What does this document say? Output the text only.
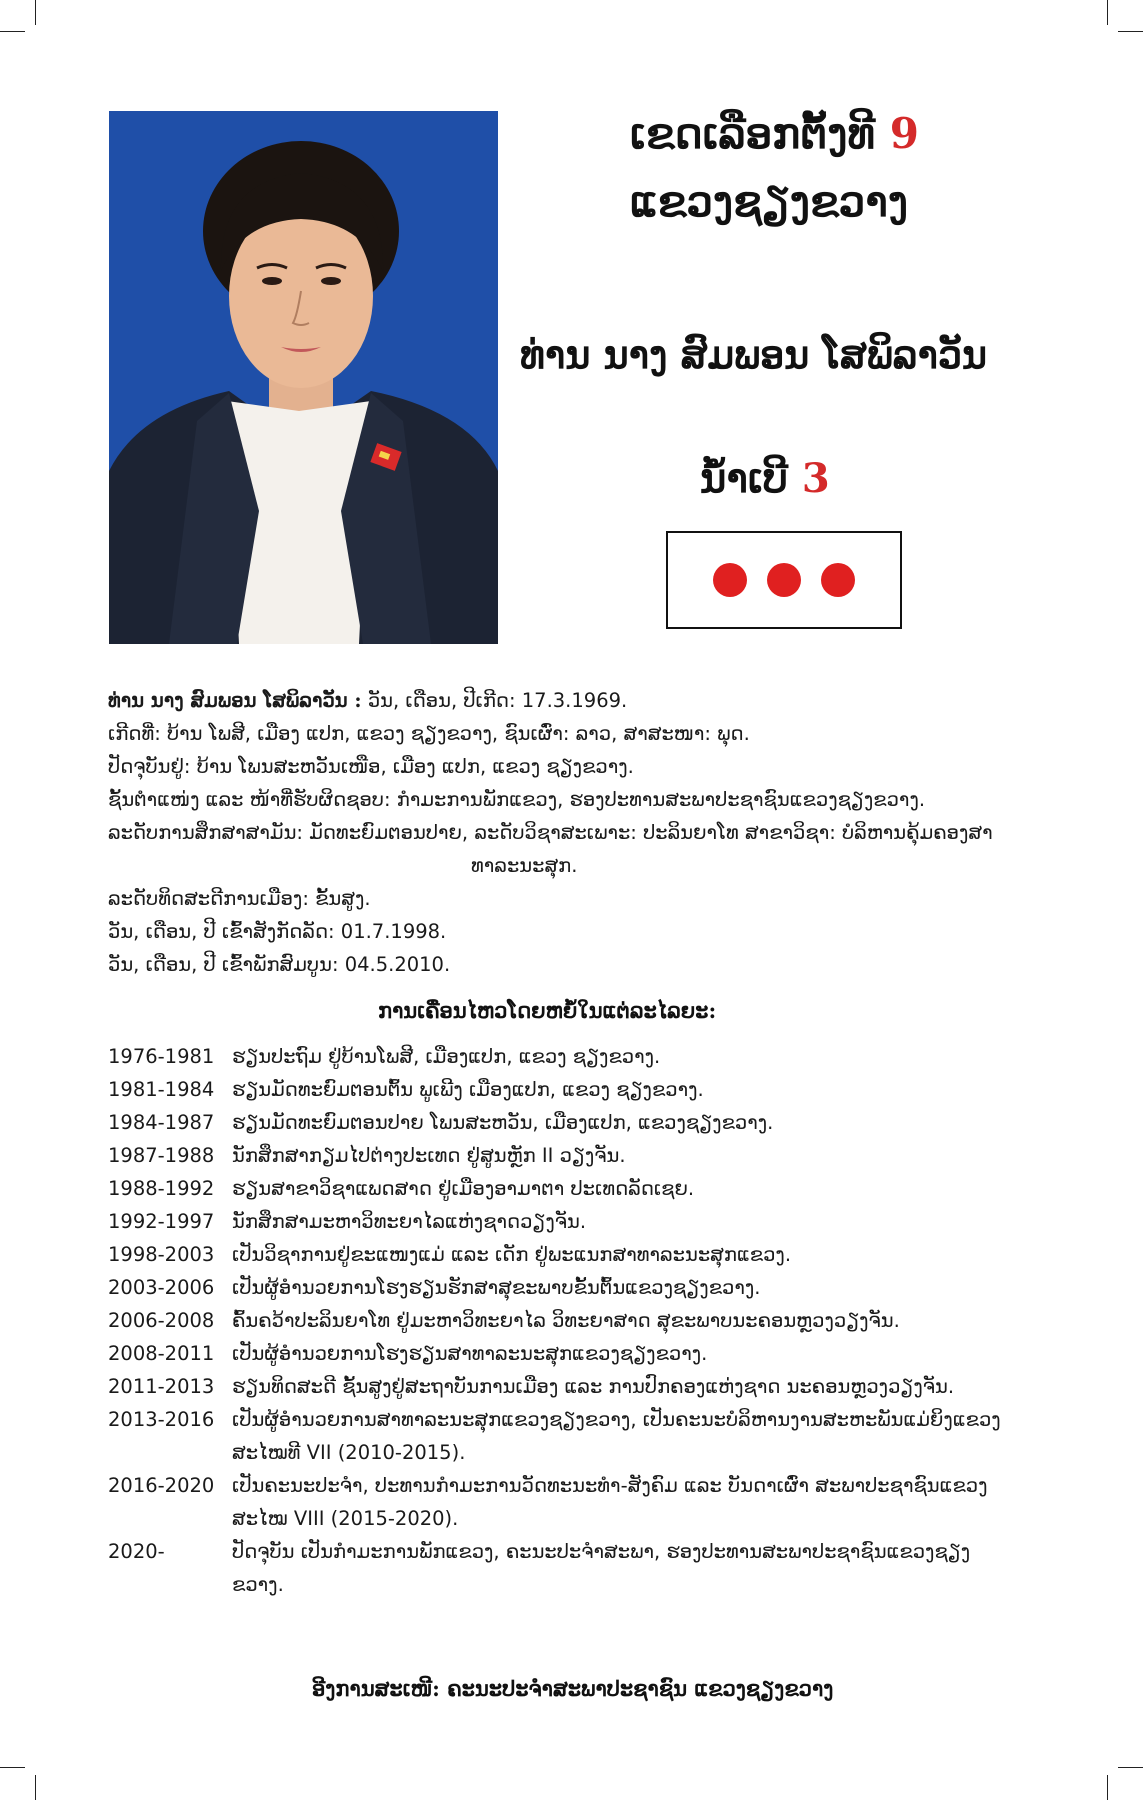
ເຂດເລືອກຕັ້ງທີ 9
ແຂວງຊຽງຂວາງ
ທ່ານ ນາງ ສົມພອນ ໂສພິລາວັນ
ນໍ້າເບີ 3
ທ່ານ ນາງ ສົມພອນ ໂສພິລາວັນ : ວັນ, ເດືອນ, ປີເກີດ: 17.3.1969.
ເກີດທີ່: ບ້ານ ໂພສີ, ເມືອງ ແປກ, ແຂວງ ຊຽງຂວາງ, ຊົນເຜົ່າ: ລາວ, ສາສະໜາ: ພຸດ.
ປັດຈຸບັນຢູ່: ບ້ານ ໂພນສະຫວັນເໜືອ, ເມືອງ ແປກ, ແຂວງ ຊຽງຂວາງ.
ຊັ້ນຕຳແໜ່ງ ແລະ ໜ້າທີ່ຮັບຜິດຊອບ: ກຳມະການພັກແຂວງ, ຮອງປະທານສະພາປະຊາຊົນແຂວງຊຽງຂວາງ.
ລະດັບການສຶກສາສາມັນ: ມັດທະຍົມຕອນປາຍ, ລະດັບວິຊາສະເພາະ: ປະລິນຍາໂທ ສາຂາວິຊາ: ບໍລິຫານຄຸ້ມຄອງສາ
ທາລະນະສຸກ.
ລະດັບທິດສະດີການເມືອງ: ຂັ້ນສູງ.
ວັນ, ເດືອນ, ປີ ເຂົ້າສັງກັດລັດ: 01.7.1998.
ວັນ, ເດືອນ, ປີ ເຂົ້າພັກສົມບູນ: 04.5.2010.
ການເຄື່ອນໄຫວໂດຍຫຍໍ້ໃນແຕ່ລະໄລຍະ:
1976-1981 ຮຽນປະຖົມ ຢູ່ບ້ານໂພສີ, ເມືອງແປກ, ແຂວງ ຊຽງຂວາງ.
1981-1984 ຮຽນມັດທະຍົມຕອນຕົ້ນ ພູເພີງ ເມືອງແປກ, ແຂວງ ຊຽງຂວາງ.
1984-1987 ຮຽນມັດທະຍົມຕອນປາຍ ໂພນສະຫວັນ, ເມືອງແປກ, ແຂວງຊຽງຂວາງ.
1987-1988 ນັກສຶກສາກຽມໄປຕ່າງປະເທດ ຢູ່ສູນຫຼັກ II ວຽງຈັນ.
1988-1992 ຮຽນສາຂາວິຊາແພດສາດ ຢູ່ເມືອງອາມາຕາ ປະເທດລັດເຊຍ.
1992-1997 ນັກສຶກສາມະຫາວິທະຍາໄລແຫ່ງຊາດວຽງຈັນ.
1998-2003 ເປັນວິຊາການຢູ່ຂະແໜງແມ່ ແລະ ເດັກ ຢູ່ພະແນກສາທາລະນະສຸກແຂວງ.
2003-2006 ເປັນຜູ້ອຳນວຍການໂຮງຮຽນຮັກສາສຸຂະພາບຂັ້ນຕົ້ນແຂວງຊຽງຂວາງ.
2006-2008 ຄົ້ນຄວ້າປະລິນຍາໂທ ຢູ່ມະຫາວິທະຍາໄລ ວິທະຍາສາດ ສຸຂະພາບນະຄອນຫຼວງວຽງຈັນ.
2008-2011 ເປັນຜູ້ອຳນວຍການໂຮງຮຽນສາທາລະນະສຸກແຂວງຊຽງຂວາງ.
2011-2013 ຮຽນທິດສະດີ ຊັ້ນສູງຢູ່ສະຖາບັນການເມືອງ ແລະ ການປົກຄອງແຫ່ງຊາດ ນະຄອນຫຼວງວຽງຈັນ.
2013-2016 ເປັນຜູ້ອຳນວຍການສາທາລະນະສຸກແຂວງຊຽງຂວາງ, ເປັນຄະນະບໍລິຫານງານສະຫະພັນແມ່ຍິງແຂວງ
ສະໄໝທີ VII (2010-2015).
2016-2020 ເປັນຄະນະປະຈຳ, ປະທານກຳມະການວັດທະນະທຳ-ສັງຄົມ ແລະ ບັນດາເຜົ່າ ສະພາປະຊາຊົນແຂວງ
ສະໄໝ VIII (2015-2020).
2020-	ປັດຈຸບັນ ເປັນກຳມະການພັກແຂວງ, ຄະນະປະຈຳສະພາ, ຮອງປະທານສະພາປະຊາຊົນແຂວງຊຽງຂວາງ.
ອີງການສະເໜີ: ຄະນະປະຈຳສະພາປະຊາຊົນ ແຂວງຊຽງຂວາງ
